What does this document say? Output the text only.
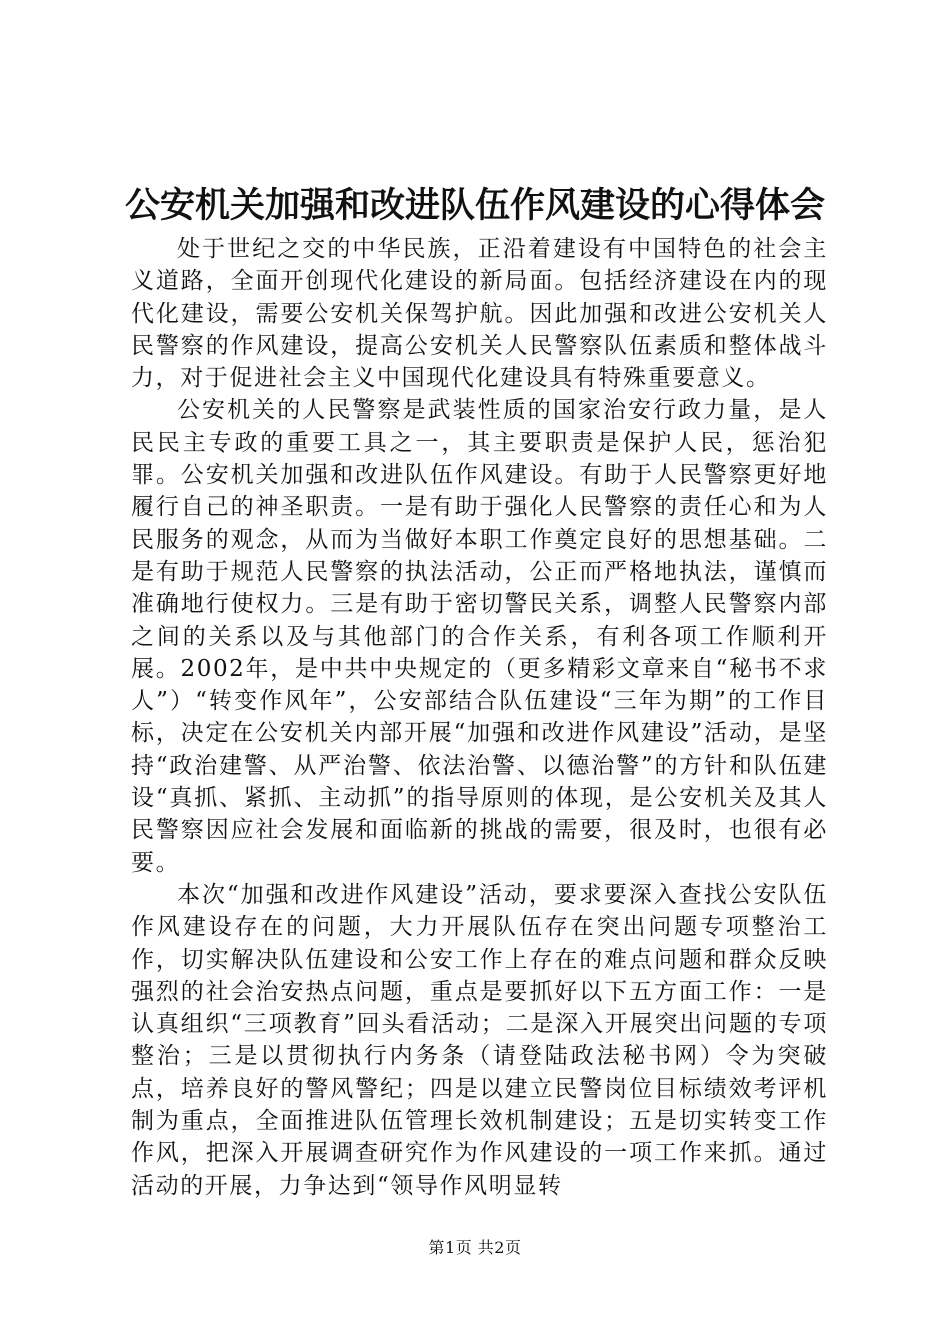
公安机关加强和改进队伍作风建设的心得体会

处于世纪之交的中华民族，正沿着建设有中国特色的社会主义道路，全面开创现代化建设的新局面。包括经济建设在内的现代化建设，需要公安机关保驾护航。因此加强和改进公安机关人民警察的作风建设，提高公安机关人民警察队伍素质和整体战斗力，对于促进社会主义中国现代化建设具有特殊重要意义。

公安机关的人民警察是武装性质的国家治安行政力量，是人民民主专政的重要工具之一，其主要职责是保护人民，惩治犯罪。公安机关加强和改进队伍作风建设。有助于人民警察更好地履行自己的神圣职责。一是有助于强化人民警察的责任心和为人民服务的观念，从而为当做好本职工作奠定良好的思想基础。二是有助于规范人民警察的执法活动，公正而严格地执法，谨慎而准确地行使权力。三是有助于密切警民关系，调整人民警察内部之间的关系以及与其他部门的合作关系，有利各项工作顺利开展。2002年，是中共中央规定的（更多精彩文章来自“秘书不求人”）“转变作风年”，公安部结合队伍建设“三年为期”的工作目标，决定在公安机关内部开展“加强和改进作风建设”活动，是坚持“政治建警、从严治警、依法治警、以德治警”的方针和队伍建设“真抓、紧抓、主动抓”的指导原则的体现，是公安机关及其人民警察因应社会发展和面临新的挑战的需要，很及时，也很有必要。

本次“加强和改进作风建设”活动，要求要深入查找公安队伍作风建设存在的问题，大力开展队伍存在突出问题专项整治工作，切实解决队伍建设和公安工作上存在的难点问题和群众反映强烈的社会治安热点问题，重点是要抓好以下五方面工作：一是认真组织“三项教育”回头看活动；二是深入开展突出问题的专项整治；三是以贯彻执行内务条（请登陆政法秘书网）令为突破点，培养良好的警风警纪；四是以建立民警岗位目标绩效考评机制为重点，全面推进队伍管理长效机制建设；五是切实转变工作作风，把深入开展调查研究作为作风建设的一项工作来抓。通过活动的开展，力争达到“领导作风明显转

第1页 共2页
